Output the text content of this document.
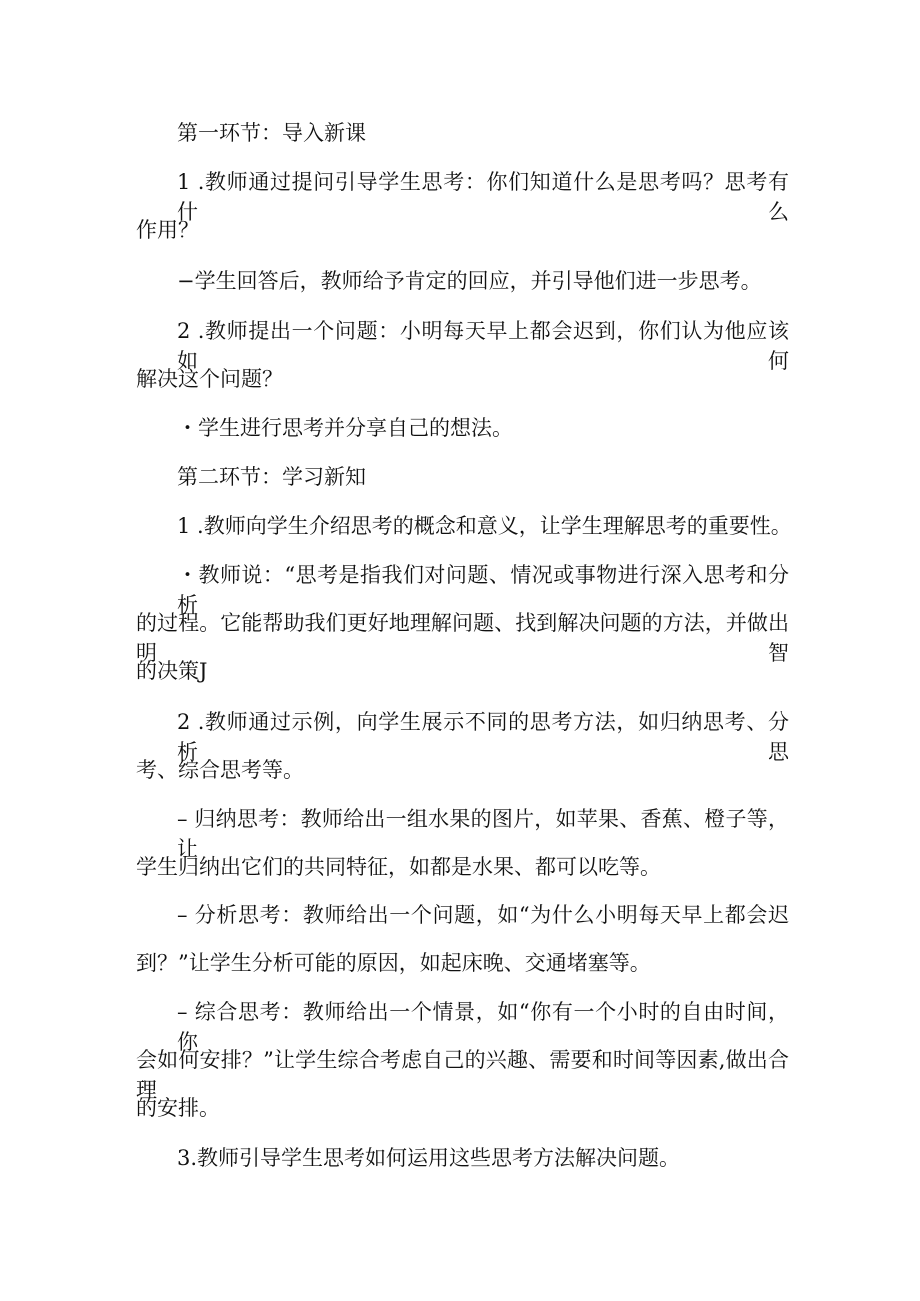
第一环节：导入新课

1 .教师通过提问引导学生思考：你们知道什么是思考吗？思考有什么

作用？

−学生回答后，教师给予肯定的回应，并引导他们进一步思考。

2 .教师提出一个问题：小明每天早上都会迟到，你们认为他应该如何

解决这个问题？

・学生进行思考并分享自己的想法。

第二环节：学习新知

1 .教师向学生介绍思考的概念和意义，让学生理解思考的重要性。

・教师说：“思考是指我们对问题、情况或事物进行深入思考和分析

的过程。它能帮助我们更好地理解问题、找到解决问题的方法，并做出明智

的决策J

2 .教师通过示例，向学生展示不同的思考方法，如归纳思考、分析思

考、综合思考等。

– 归纳思考：教师给出一组水果的图片，如苹果、香蕉、橙子等，让

学生归纳出它们的共同特征，如都是水果、都可以吃等。

– 分析思考：教师给出一个问题，如“为什么小明每天早上都会迟

到？”让学生分析可能的原因，如起床晚、交通堵塞等。

– 综合思考：教师给出一个情景，如“你有一个小时的自由时间，你

会如何安排？”让学生综合考虑自己的兴趣、需要和时间等因素,做出合理

的安排。

3.教师引导学生思考如何运用这些思考方法解决问题。
